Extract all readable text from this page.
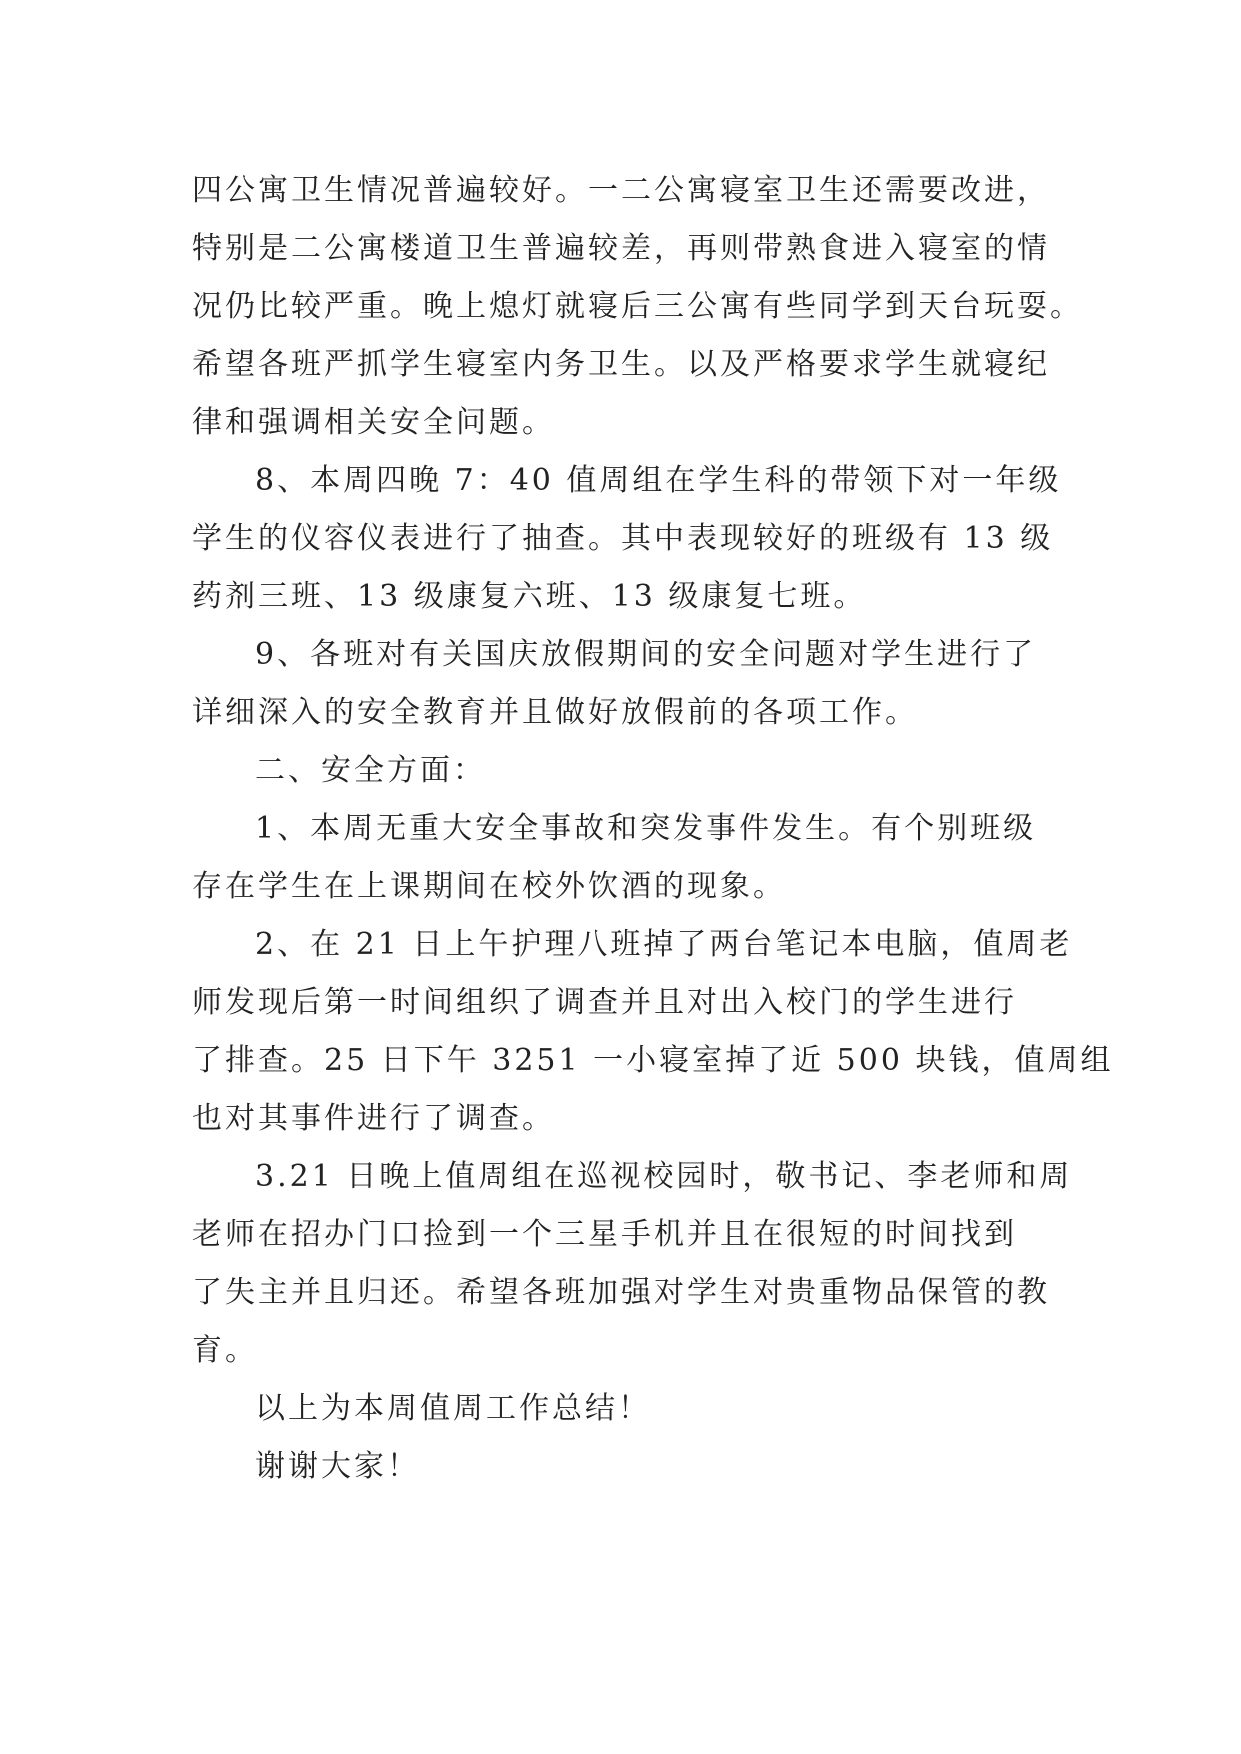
四公寓卫生情况普遍较好。一二公寓寝室卫生还需要改进，
特别是二公寓楼道卫生普遍较差，再则带熟食进入寝室的情
况仍比较严重。晚上熄灯就寝后三公寓有些同学到天台玩耍。
希望各班严抓学生寝室内务卫生。以及严格要求学生就寝纪
律和强调相关安全问题。
8、本周四晚 7：40 值周组在学生科的带领下对一年级
学生的仪容仪表进行了抽查。其中表现较好的班级有 13 级
药剂三班、13 级康复六班、13 级康复七班。
9、各班对有关国庆放假期间的安全问题对学生进行了
详细深入的安全教育并且做好放假前的各项工作。
二、安全方面：
1、本周无重大安全事故和突发事件发生。有个别班级
存在学生在上课期间在校外饮酒的现象。
2、在 21 日上午护理八班掉了两台笔记本电脑，值周老
师发现后第一时间组织了调查并且对出入校门的学生进行
了排查。25 日下午 3251 一小寝室掉了近 500 块钱，值周组
也对其事件进行了调查。
3.21 日晚上值周组在巡视校园时，敬书记、李老师和周
老师在招办门口捡到一个三星手机并且在很短的时间找到
了失主并且归还。希望各班加强对学生对贵重物品保管的教
育。
以上为本周值周工作总结！
谢谢大家！
